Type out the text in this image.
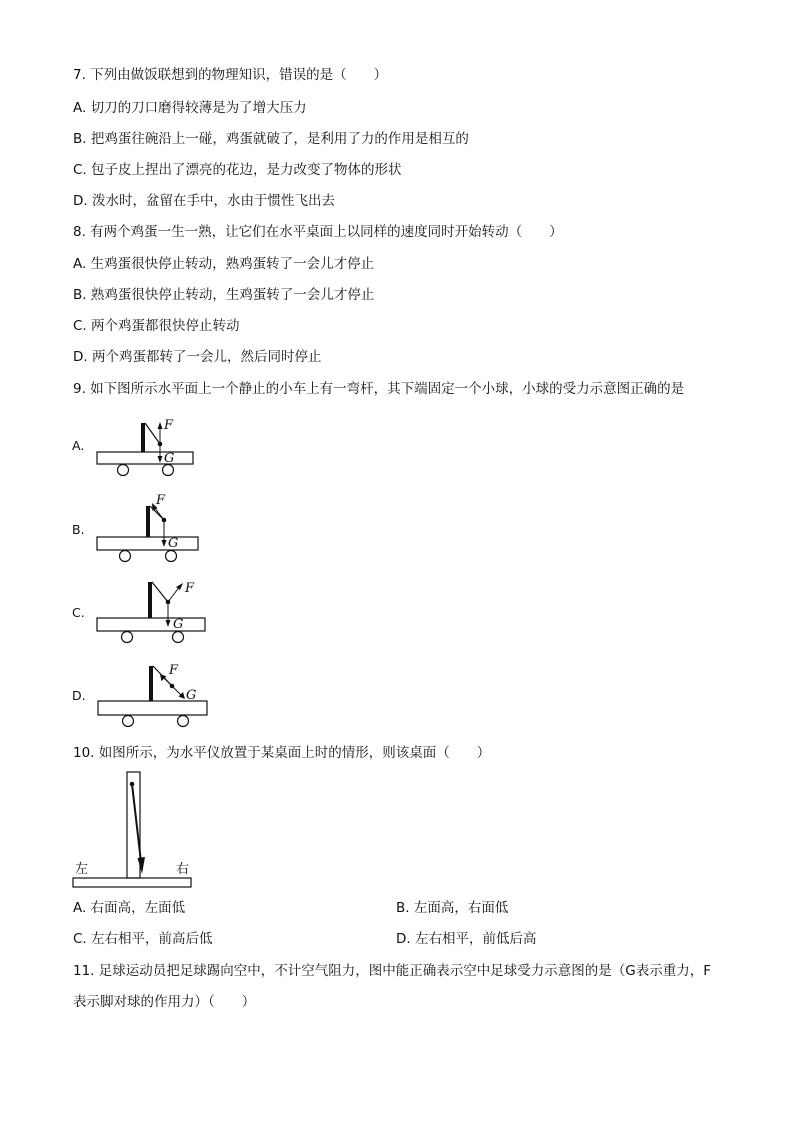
7. 下列由做饭联想到的物理知识，错误的是（　　）
A. 切刀的刀口磨得较薄是为了增大压力
B. 把鸡蛋往碗沿上一碰，鸡蛋就破了，是利用了力的作用是相互的
C. 包子皮上捏出了漂亮的花边，是力改变了物体的形状
D. 泼水时，盆留在手中，水由于惯性飞出去
8. 有两个鸡蛋一生一熟，让它们在水平桌面上以同样的速度同时开始转动（　　）
A. 生鸡蛋很快停止转动，熟鸡蛋转了一会儿才停止
B. 熟鸡蛋很快停止转动，生鸡蛋转了一会儿才停止
C. 两个鸡蛋都很快停止转动
D. 两个鸡蛋都转了一会儿，然后同时停止
9. 如下图所示水平面上一个静止的小车上有一弯杆，其下端固定一个小球，小球的受力示意图正确的是
A.
F
G
B.
F
G
C.
F
G
D.
F
G
10. 如图所示，为水平仪放置于某桌面上时的情形，则该桌面（　　）
左	右
A. 右面高，左面低	B. 左面高，右面低
C. 左右相平，前高后低	D. 左右相平，前低后高
11. 足球运动员把足球踢向空中，不计空气阻力，图中能正确表示空中足球受力示意图的是（G表示重力，F
表示脚对球的作用力）（　　）
